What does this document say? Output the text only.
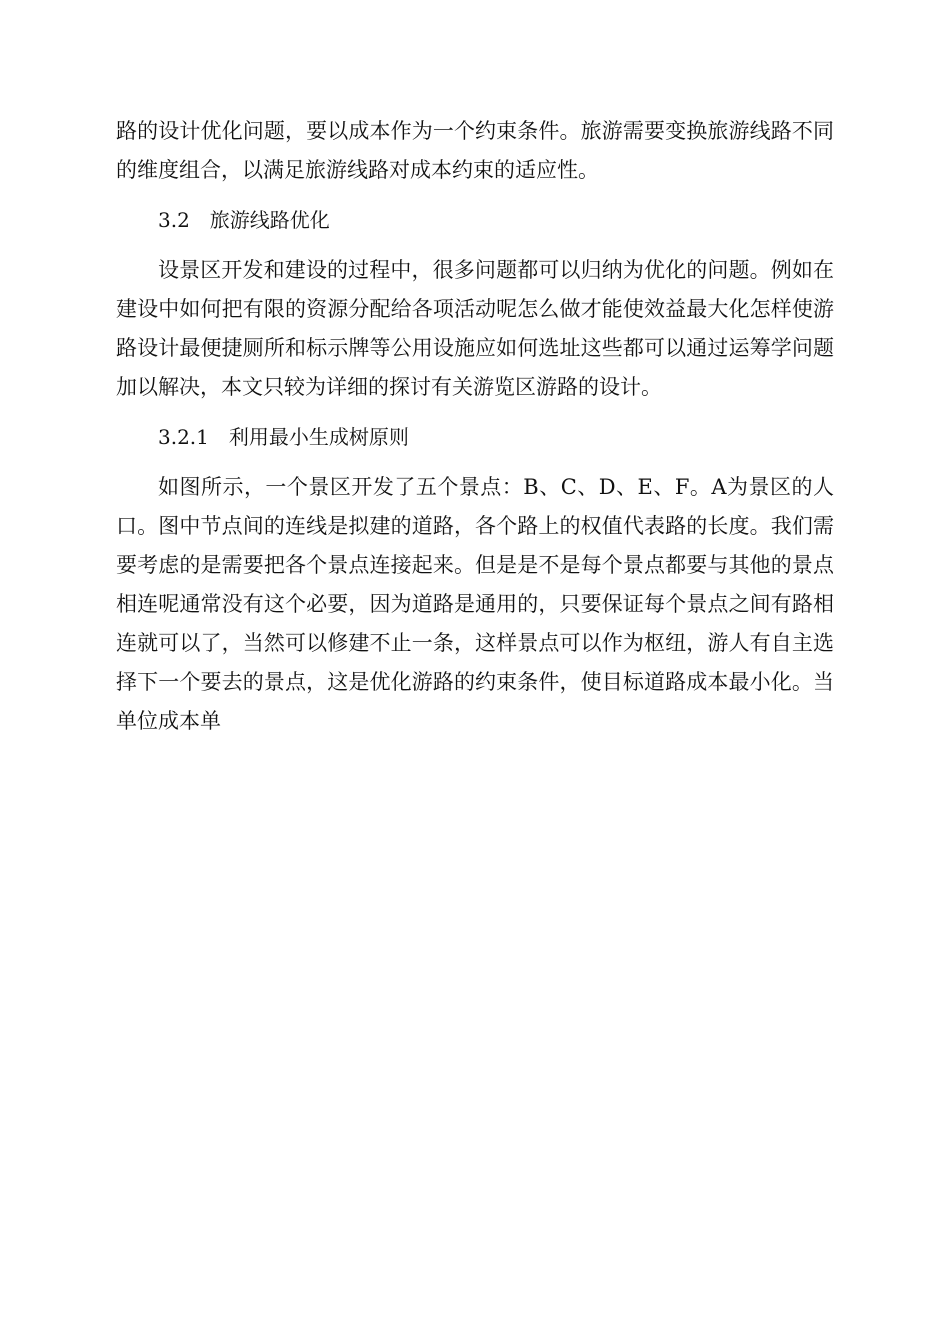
路的设计优化问题，要以成本作为一个约束条件。旅游需要变换旅游线路不同的维度组合，以满足旅游线路对成本约束的适应性。

3.2　旅游线路优化

设景区开发和建设的过程中，很多问题都可以归纳为优化的问题。例如在建设中如何把有限的资源分配给各项活动呢怎么做才能使效益最大化怎样使游路设计最便捷厕所和标示牌等公用设施应如何选址这些都可以通过运筹学问题加以解决，本文只较为详细的探讨有关游览区游路的设计。

3.2.1　利用最小生成树原则

如图所示，一个景区开发了五个景点：B、C、D、E、F。A为景区的人口。图中节点间的连线是拟建的道路，各个路上的权值代表路的长度。我们需要考虑的是需要把各个景点连接起来。但是是不是每个景点都要与其他的景点相连呢通常没有这个必要，因为道路是通用的，只要保证每个景点之间有路相连就可以了，当然可以修建不止一条，这样景点可以作为枢纽，游人有自主选择下一个要去的景点，这是优化游路的约束条件，使目标道路成本最小化。当单位成本单
